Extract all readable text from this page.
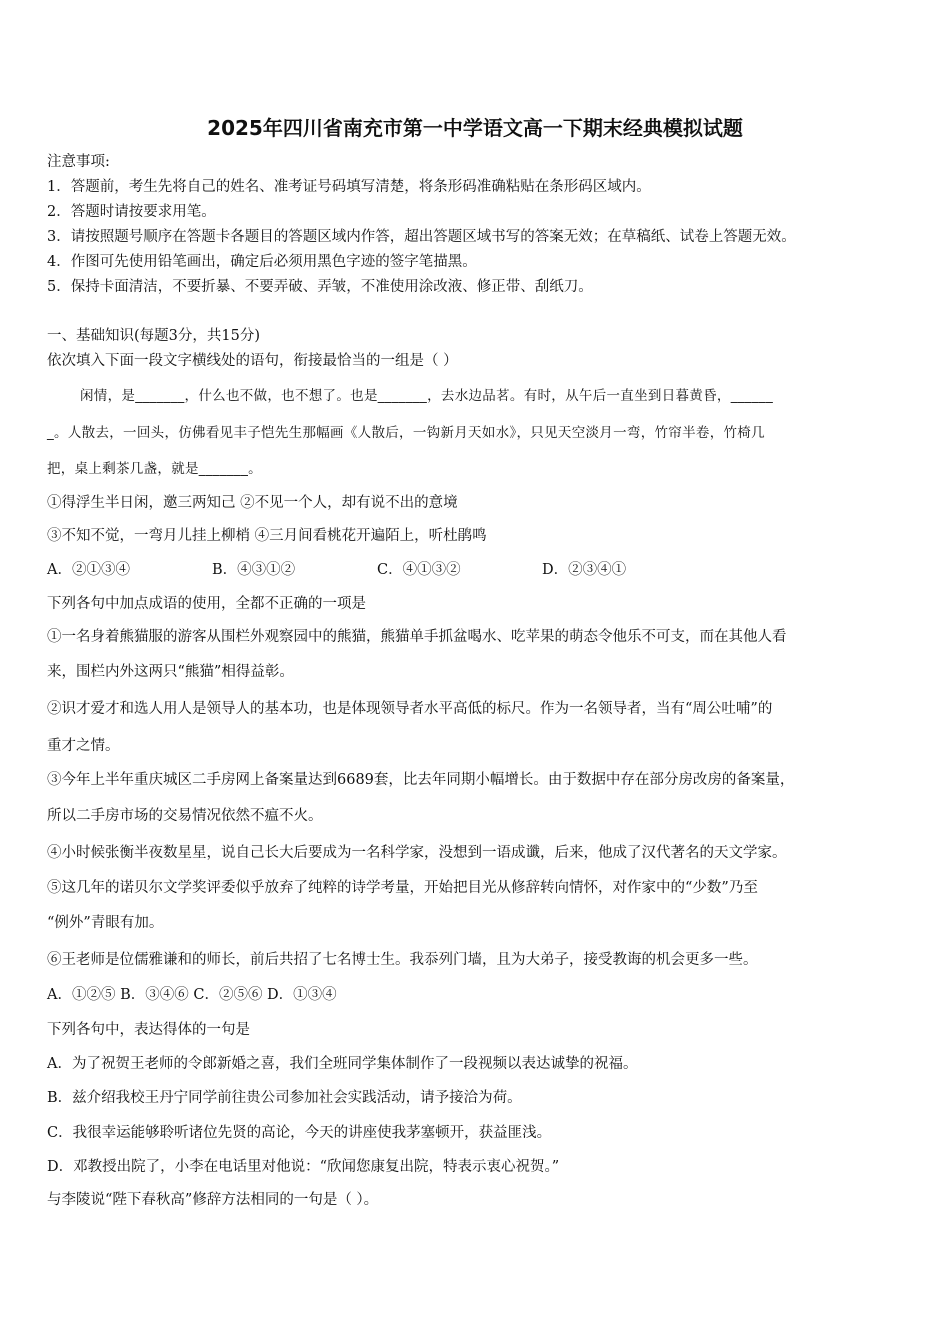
2025年四川省南充市第一中学语文高一下期末经典模拟试题
注意事项:
1．答题前，考生先将自己的姓名、准考证号码填写清楚，将条形码准确粘贴在条形码区域内。
2．答题时请按要求用笔。
3．请按照题号顺序在答题卡各题目的答题区域内作答，超出答题区域书写的答案无效；在草稿纸、试卷上答题无效。
4．作图可先使用铅笔画出，确定后必须用黑色字迹的签字笔描黑。
5．保持卡面清洁，不要折暴、不要弄破、弄皱，不准使用涂改液、修正带、刮纸刀。
一、基础知识(每题3分，共15分)
依次填入下面一段文字横线处的语句，衔接最恰当的一组是（ ）
闲情，是_______，什么也不做，也不想了。也是_______，去水边品茗。有时，从午后一直坐到日暮黄昏，______
_。人散去，一回头，仿佛看见丰子恺先生那幅画《人散后，一钩新月天如水》，只见天空淡月一弯，竹帘半卷，竹椅几
把，桌上剩茶几盏，就是_______。
①得浮生半日闲，邀三两知己 ②不见一个人，却有说不出的意境
③不知不觉，一弯月儿挂上柳梢 ④三月间看桃花开遍陌上，听杜鹃鸣
A．②①③④	B．④③①②	C．④①③②	D．②③④①
下列各句中加点成语的使用，全都不正确的一项是
①一名身着熊猫服的游客从围栏外观察园中的熊猫，熊猫单手抓盆喝水、吃苹果的萌态令他乐不可支，而在其他人看
来，围栏内外这两只“熊猫”相得益彰。
②识才爱才和选人用人是领导人的基本功，也是体现领导者水平高低的标尺。作为一名领导者，当有“周公吐哺”的
重才之情。
③今年上半年重庆城区二手房网上备案量达到6689套，比去年同期小幅增长。由于数据中存在部分房改房的备案量，
所以二手房市场的交易情况依然不瘟不火。
④小时候张衡半夜数星星，说自己长大后要成为一名科学家，没想到一语成谶，后来，他成了汉代著名的天文学家。
⑤这几年的诺贝尔文学奖评委似乎放弃了纯粹的诗学考量，开始把目光从修辞转向情怀，对作家中的“少数”乃至
“例外”青眼有加。
⑥王老师是位儒雅谦和的师长，前后共招了七名博士生。我忝列门墙，且为大弟子，接受教诲的机会更多一些。
A．①②⑤ B．③④⑥ C．②⑤⑥ D．①③④
下列各句中，表达得体的一句是
A．为了祝贺王老师的令郎新婚之喜，我们全班同学集体制作了一段视频以表达诚挚的祝福。
B．兹介绍我校王丹宁同学前往贵公司参加社会实践活动，请予接洽为荷。
C．我很幸运能够聆听诸位先贤的高论，今天的讲座使我茅塞顿开，获益匪浅。
D．邓教授出院了，小李在电话里对他说：“欣闻您康复出院，特表示衷心祝贺。”
与李陵说“陛下春秋高”修辞方法相同的一句是（ ）。
